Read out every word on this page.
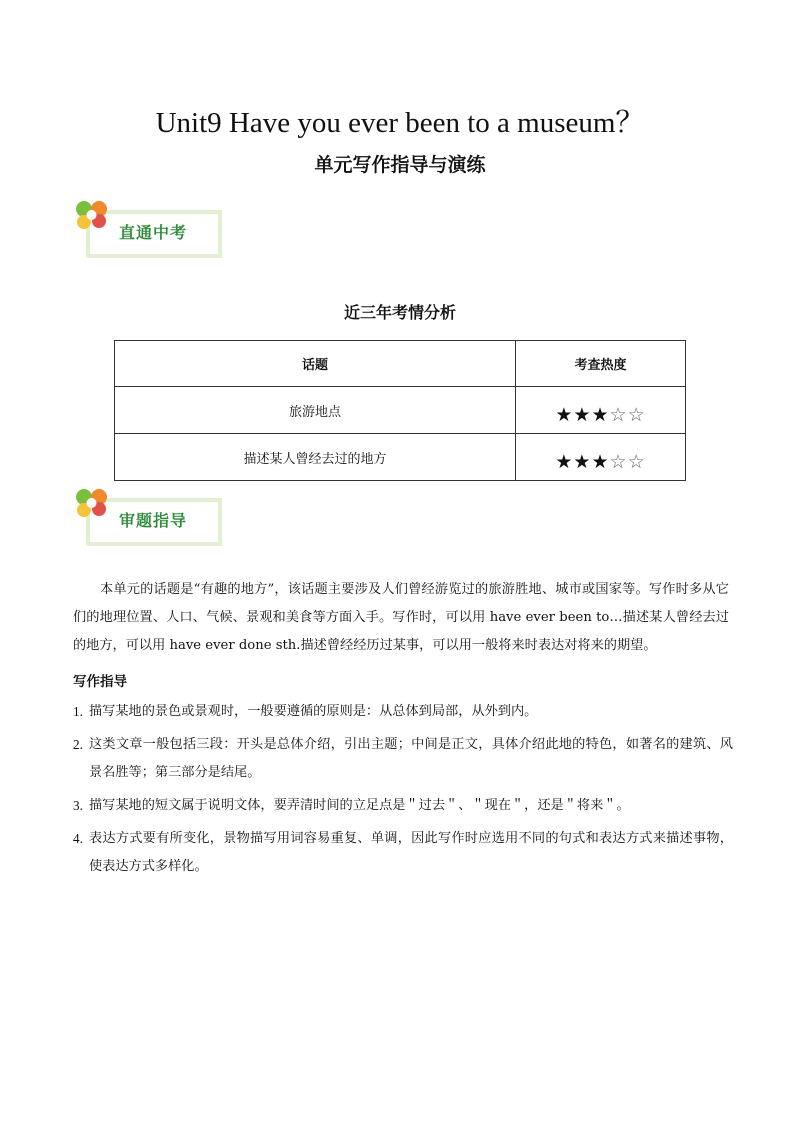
Unit9 Have you ever been to a museum？
单元写作指导与演练
直通中考
近三年考情分析
话题	考查热度

旅游地点	★★★☆☆

描述某人曾经去过的地方	★★★☆☆
审题指导
本单元的话题是“有趣的地方”，该话题主要涉及人们曾经游览过的旅游胜地、城市或国家等。写作时多从它们的地理位置、人口、气候、景观和美食等方面入手。写作时，可以用 have ever been to…描述某人曾经去过的地方，可以用 have ever done sth.描述曾经经历过某事，可以用一般将来时表达对将来的期望。
写作指导
1. 描写某地的景色或景观时，一般要遵循的原则是：从总体到局部，从外到内。
2. 这类文章一般包括三段：开头是总体介绍，引出主题；中间是正文，具体介绍此地的特色，如著名的建筑、风景名胜等；第三部分是结尾。
3. 描写某地的短文属于说明文体，要弄清时间的立足点是＂过去＂、＂现在＂，还是＂将来＂。
4. 表达方式要有所变化，景物描写用词容易重复、单调，因此写作时应选用不同的句式和表达方式来描述事物，使表达方式多样化。
